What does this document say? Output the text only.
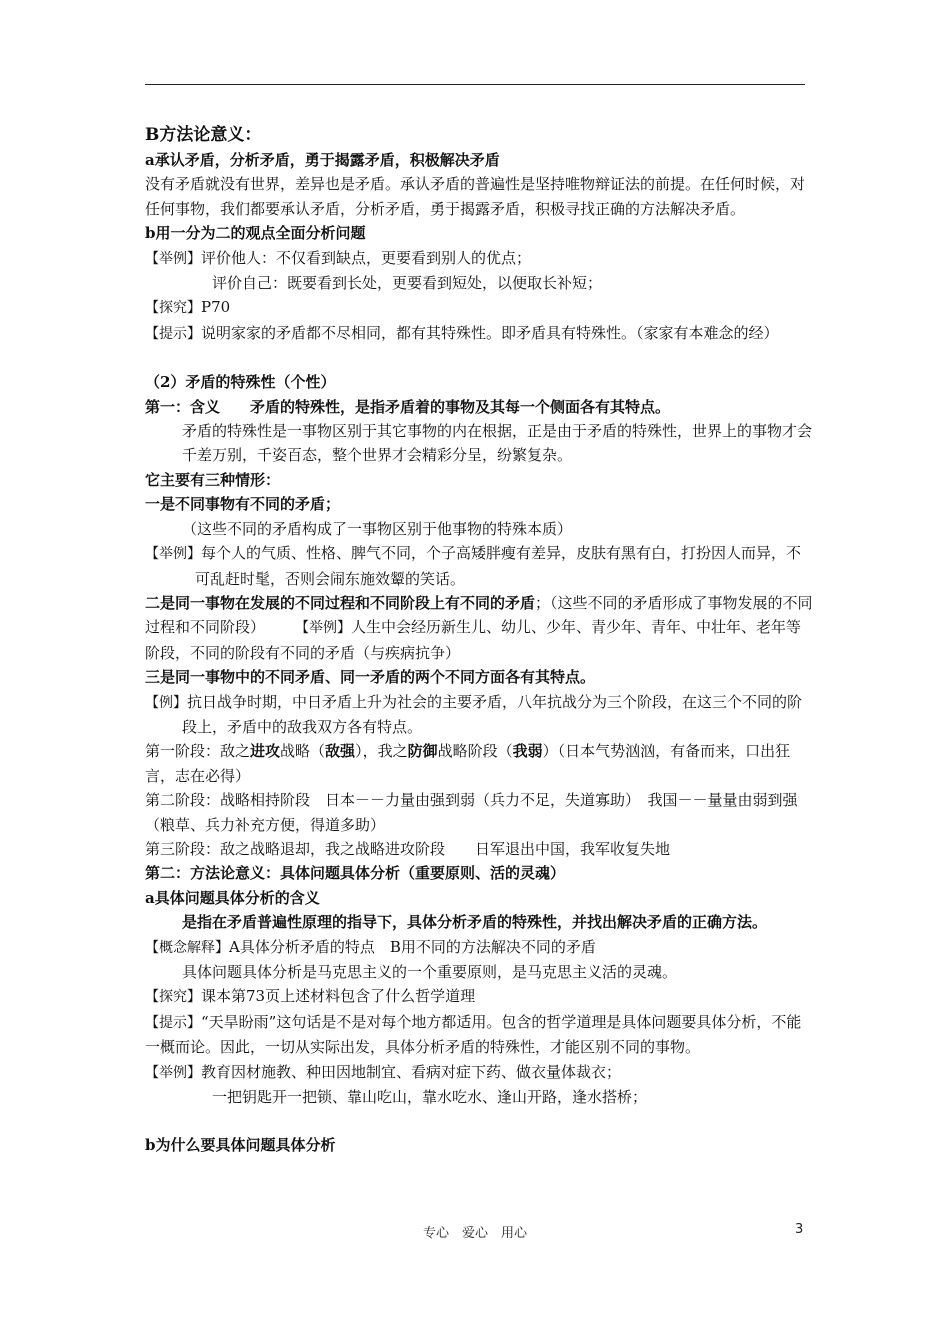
B方法论意义：

a承认矛盾，分析矛盾，勇于揭露矛盾，积极解决矛盾

没有矛盾就没有世界，差异也是矛盾。承认矛盾的普遍性是坚持唯物辩证法的前提。在任何时候，对任何事物，我们都要承认矛盾，分析矛盾，勇于揭露矛盾，积极寻找正确的方法解决矛盾。

b用一分为二的观点全面分析问题

【举例】评价他人：不仅看到缺点，更要看到别人的优点；

评价自己：既要看到长处，更要看到短处，以便取长补短；

【探究】P70

【提示】说明家家的矛盾都不尽相同，都有其特殊性。即矛盾具有特殊性。（家家有本难念的经）

（2）矛盾的特殊性（个性）

第一：含义   矛盾的特殊性，是指矛盾着的事物及其每一个侧面各有其特点。

矛盾的特殊性是一事物区别于其它事物的内在根据，正是由于矛盾的特殊性，世界上的事物才会千差万别，千姿百态，整个世界才会精彩分呈，纷繁复杂。

它主要有三种情形：

一是不同事物有不同的矛盾；

（这些不同的矛盾构成了一事物区别于他事物的特殊本质）

【举例】每个人的气质、性格、脾气不同，个子高矮胖瘦有差异，皮肤有黑有白，打扮因人而异，不可乱赶时髦，否则会闹东施效颦的笑话。

二是同一事物在发展的不同过程和不同阶段上有不同的矛盾；（这些不同的矛盾形成了事物发展的不同过程和不同阶段）   【举例】人生中会经历新生儿、幼儿、少年、青少年、青年、中壮年、老年等阶段，不同的阶段有不同的矛盾（与疾病抗争）

三是同一事物中的不同矛盾、同一矛盾的两个不同方面各有其特点。

【例】抗日战争时期，中日矛盾上升为社会的主要矛盾，八年抗战分为三个阶段，在这三个不同的阶段上，矛盾中的敌我双方各有特点。

第一阶段：敌之进攻战略（敌强），我之防御战略阶段（我弱）（日本气势汹汹，有备而来，口出狂言，志在必得）

第二阶段：战略相持阶段　日本－－力量由强到弱（兵力不足，失道寡助）　我国－－量量由弱到强（粮草、兵力补充方便，得道多助）

第三阶段：敌之战略退却，我之战略进攻阶段　　日军退出中国，我军收复失地

第二：方法论意义：具体问题具体分析（重要原则、活的灵魂）

a具体问题具体分析的含义

是指在矛盾普遍性原理的指导下，具体分析矛盾的特殊性，并找出解决矛盾的正确方法。

【概念解释】A具体分析矛盾的特点　B用不同的方法解决不同的矛盾

具体问题具体分析是马克思主义的一个重要原则，是马克思主义活的灵魂。

【探究】课本第73页上述材料包含了什么哲学道理

【提示】“天旱盼雨”这句话是不是对每个地方都适用。包含的哲学道理是具体问题要具体分析，不能一概而论。因此，一切从实际出发，具体分析矛盾的特殊性，才能区别不同的事物。

【举例】教育因材施教、种田因地制宜、看病对症下药、做衣量体裁衣；

一把钥匙开一把锁、靠山吃山，靠水吃水、逢山开路，逢水搭桥；

b为什么要具体问题具体分析

专心　爱心　用心	3
